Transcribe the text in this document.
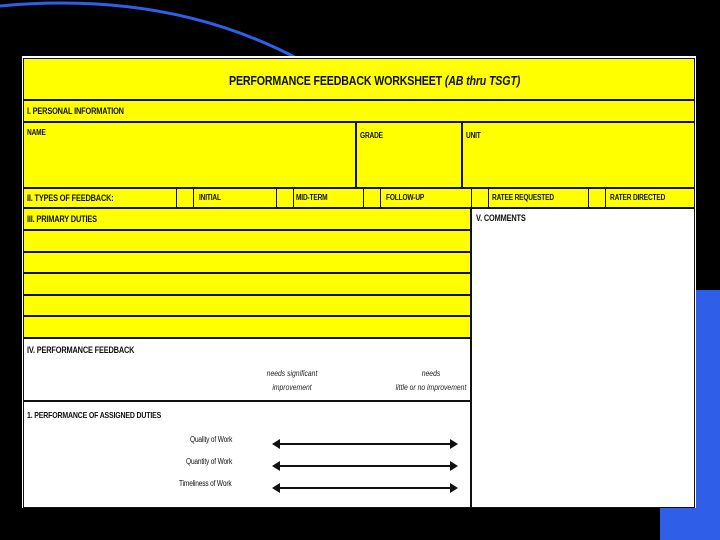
PERFORMANCE FEEDBACK WORKSHEET (AB thru TSGT)
I. PERSONAL INFORMATION
NAME	GRADE	UNIT
II. TYPES OF FEEDBACK:	INITIAL	MID-TERM	FOLLOW-UP	RATEE REQUESTED	RATER DIRECTED
III. PRIMARY DUTIES	V. COMMENTS
IV. PERFORMANCE FEEDBACK
needs significant
improvement
needs
little or no improvement
1. PERFORMANCE OF ASSIGNED DUTIES
Quality of Work
Quantity of Work
Timeliness of Work
